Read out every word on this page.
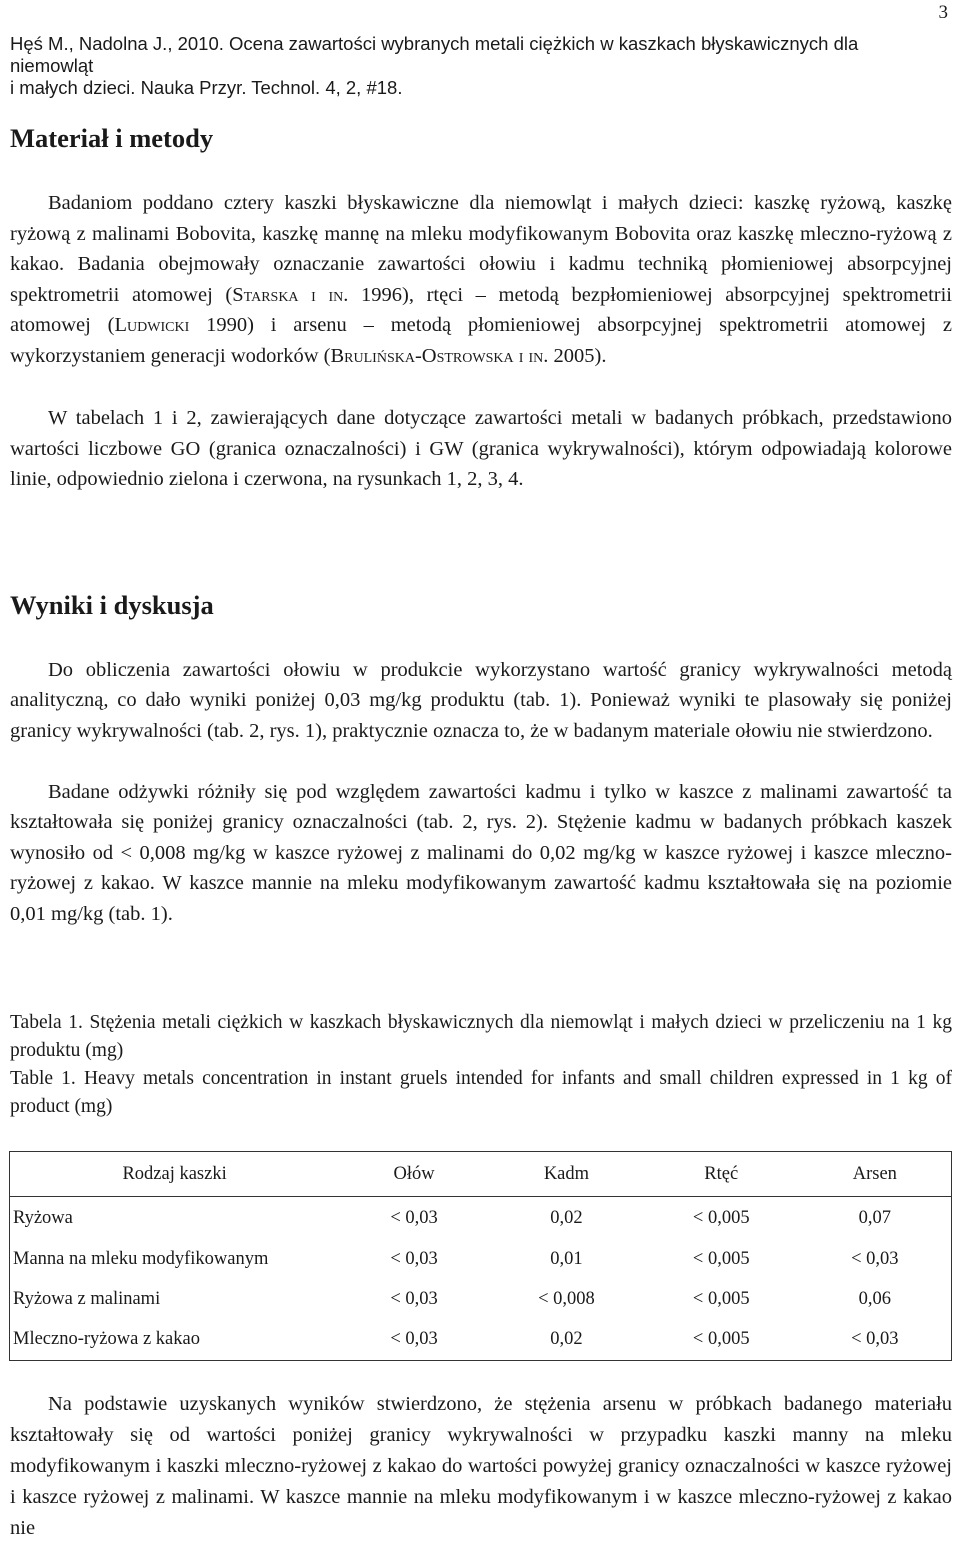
3
Hęś M., Nadolna J., 2010. Ocena zawartości wybranych metali ciężkich w kaszkach błyskawicznych dla niemowląt
i małych dzieci. Nauka Przyr. Technol. 4, 2, #18.
Materiał i metody

Badaniom poddano cztery kaszki błyskawiczne dla niemowląt i małych dzieci: kaszkę ryżową, kaszkę ryżową z malinami Bobovita, kaszkę mannę na mleku modyfikowanym Bobovita oraz kaszkę mleczno-ryżową z kakao. Badania obejmowały oznaczanie zawartości ołowiu i kadmu techniką płomieniowej absorpcyjnej spektrometrii atomowej (Starska i in. 1996), rtęci – metodą bezpłomieniowej absorpcyjnej spektrometrii atomowej (Ludwicki 1990) i arsenu – metodą płomieniowej absorpcyjnej spektrometrii atomowej z wykorzystaniem generacji wodorków (Brulińska-Ostrowska i in. 2005).

W tabelach 1 i 2, zawierających dane dotyczące zawartości metali w badanych próbkach, przedstawiono wartości liczbowe GO (granica oznaczalności) i GW (granica wykrywalności), którym odpowiadają kolorowe linie, odpowiednio zielona i czerwona, na rysunkach 1, 2, 3, 4.

Wyniki i dyskusja

Do obliczenia zawartości ołowiu w produkcie wykorzystano wartość granicy wykrywalności metodą analityczną, co dało wyniki poniżej 0,03 mg/kg produktu (tab. 1). Ponieważ wyniki te plasowały się poniżej granicy wykrywalności (tab. 2, rys. 1), praktycznie oznacza to, że w badanym materiale ołowiu nie stwierdzono.

Badane odżywki różniły się pod względem zawartości kadmu i tylko w kaszce z malinami zawartość ta kształtowała się poniżej granicy oznaczalności (tab. 2, rys. 2). Stężenie kadmu w badanych próbkach kaszek wynosiło od < 0,008 mg/kg w kaszce ryżowej z malinami do 0,02 mg/kg w kaszce ryżowej i kaszce mleczno-ryżowej z kakao. W kaszce mannie na mleku modyfikowanym zawartość kadmu kształtowała się na poziomie 0,01 mg/kg (tab. 1).

Tabela 1. Stężenia metali ciężkich w kaszkach błyskawicznych dla niemowląt i małych dzieci w przeliczeniu na 1 kg produktu (mg)

Table 1. Heavy metals concentration in instant gruels intended for infants and small children expressed in 1 kg of product (mg)

Rodzaj kaszki	Ołów	Kadm	Rtęć	Arsen
Ryżowa	< 0,03	0,02	< 0,005	0,07
Manna na mleku modyfikowanym	< 0,03	0,01	< 0,005	< 0,03
Ryżowa z malinami	< 0,03	< 0,008	< 0,005	0,06
Mleczno-ryżowa z kakao	< 0,03	0,02	< 0,005	< 0,03

Na podstawie uzyskanych wyników stwierdzono, że stężenia arsenu w próbkach badanego materiału kształtowały się od wartości poniżej granicy wykrywalności w przypadku kaszki manny na mleku modyfikowanym i kaszki mleczno-ryżowej z kakao do wartości powyżej granicy oznaczalności w kaszce ryżowej i kaszce ryżowej z malinami. W kaszce mannie na mleku modyfikowanym i w kaszce mleczno-ryżowej z kakao nie
